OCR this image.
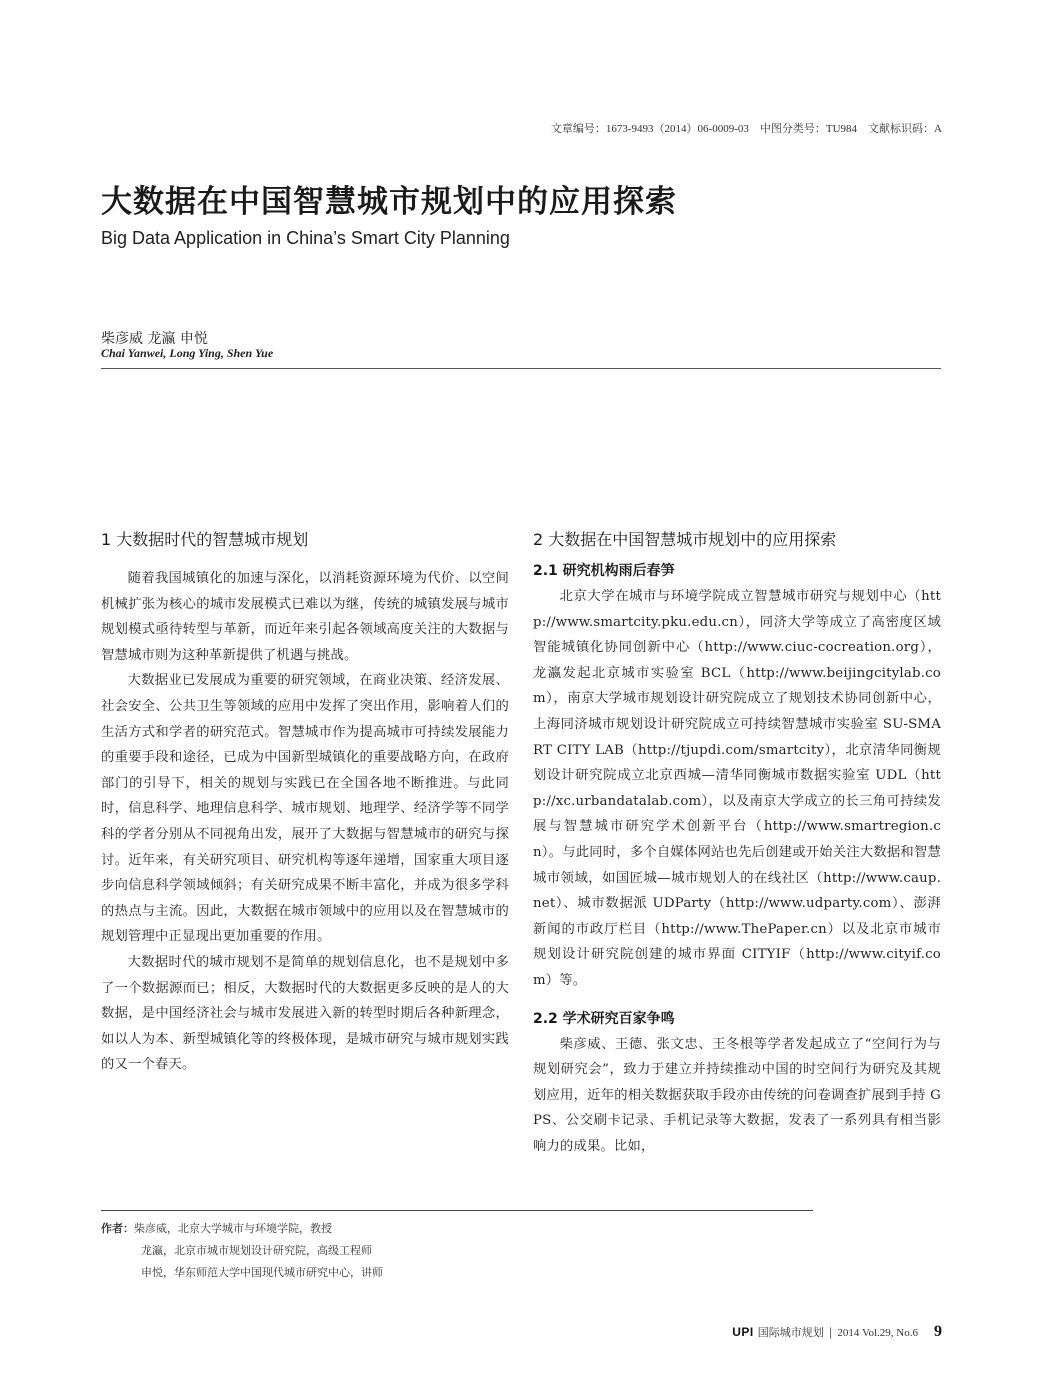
文章编号：1673-9493（2014）06-0009-03　中图分类号：TU984　文献标识码：A
大数据在中国智慧城市规划中的应用探索
Big Data Application in China’s Smart City Planning
柴彦威 龙瀛 申悦
Chai Yanwei, Long Ying, Shen Yue
1 大数据时代的智慧城市规划

随着我国城镇化的加速与深化，以消耗资源环境为代价、以空间机械扩张为核心的城市发展模式已难以为继，传统的城镇发展与城市规划模式亟待转型与革新，而近年来引起各领域高度关注的大数据与智慧城市则为这种革新提供了机遇与挑战。

大数据业已发展成为重要的研究领域，在商业决策、经济发展、社会安全、公共卫生等领域的应用中发挥了突出作用，影响着人们的生活方式和学者的研究范式。智慧城市作为提高城市可持续发展能力的重要手段和途径，已成为中国新型城镇化的重要战略方向，在政府部门的引导下，相关的规划与实践已在全国各地不断推进。与此同时，信息科学、地理信息科学、城市规划、地理学、经济学等不同学科的学者分别从不同视角出发，展开了大数据与智慧城市的研究与探讨。近年来，有关研究项目、研究机构等逐年递增，国家重大项目逐步向信息科学领域倾斜；有关研究成果不断丰富化，并成为很多学科的热点与主流。因此，大数据在城市领域中的应用以及在智慧城市的规划管理中正显现出更加重要的作用。

大数据时代的城市规划不是简单的规划信息化，也不是规划中多了一个数据源而已；相反，大数据时代的大数据更多反映的是人的大数据，是中国经济社会与城市发展进入新的转型时期后各种新理念，如以人为本、新型城镇化等的终极体现，是城市研究与城市规划实践的又一个春天。

2 大数据在中国智慧城市规划中的应用探索
2.1 研究机构雨后春笋

北京大学在城市与环境学院成立智慧城市研究与规划中心（http://www.smartcity.pku.edu.cn），同济大学等成立了高密度区域智能城镇化协同创新中心（http://www.ciuc-cocreation.org），龙瀛发起北京城市实验室 BCL（http://www.beijingcitylab.com），南京大学城市规划设计研究院成立了规划技术协同创新中心，上海同济城市规划设计研究院成立可持续智慧城市实验室 SU-SMART CITY LAB（http://tjupdi.com/smartcity），北京清华同衡规划设计研究院成立北京西城—清华同衡城市数据实验室 UDL（http://xc.urbandatalab.com），以及南京大学成立的长三角可持续发展与智慧城市研究学术创新平台（http://www.smartregion.cn）。与此同时，多个自媒体网站也先后创建或开始关注大数据和智慧城市领域，如国匠城—城市规划人的在线社区（http://www.caup.net）、城市数据派 UDParty（http://www.udparty.com）、澎湃新闻的市政厅栏目（http://www.ThePaper.cn）以及北京市城市规划设计研究院创建的城市界面 CITYIF（http://www.cityif.com）等。

2.2 学术研究百家争鸣

柴彦威、王德、张文忠、王冬根等学者发起成立了“空间行为与规划研究会”，致力于建立并持续推动中国的时空间行为研究及其规划应用，近年的相关数据获取手段亦由传统的问卷调查扩展到手持 GPS、公交刷卡记录、手机记录等大数据，发表了一系列具有相当影响力的成果。比如，

作者：柴彦威，北京大学城市与环境学院，教授
龙瀛，北京市城市规划设计研究院，高级工程师
申悦，华东师范大学中国现代城市研究中心，讲师
UPI 国际城市规划 | 2014 Vol.29, No.6 9
